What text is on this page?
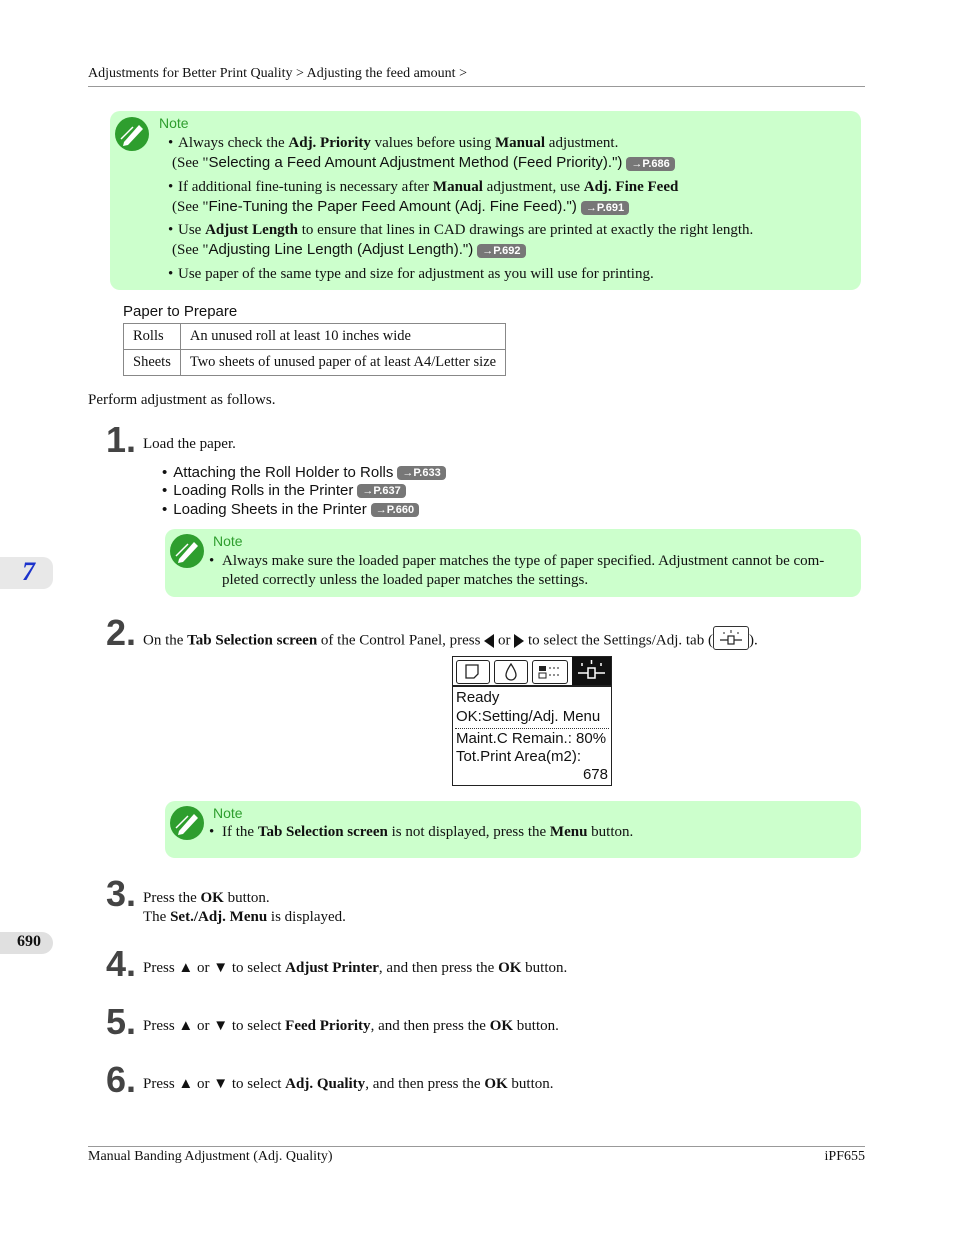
Adjustments for Better Print Quality > Adjusting the feed amount >
Note
• Always check the Adj. Priority values before using Manual adjustment.
(See "Selecting a Feed Amount Adjustment Method (Feed Priority).") →P.686
• If additional fine-tuning is necessary after Manual adjustment, use Adj. Fine Feed
(See "Fine-Tuning the Paper Feed Amount (Adj. Fine Feed).") →P.691
• Use Adjust Length to ensure that lines in CAD drawings are printed at exactly the right length.
(See "Adjusting Line Length (Adjust Length).") →P.692
• Use paper of the same type and size for adjustment as you will use for printing.
Paper to Prepare
Rolls	An unused roll at least 10 inches wide
Sheets	Two sheets of unused paper of at least A4/Letter size
Perform adjustment as follows.
1. Load the paper.
• Attaching the Roll Holder to Rolls →P.633
• Loading Rolls in the Printer →P.637
• Loading Sheets in the Printer →P.660
Note
• Always make sure the loaded paper matches the type of paper specified. Adjustment cannot be com-
pleted correctly unless the loaded paper matches the settings.
2. On the Tab Selection screen of the Control Panel, press  or  to select the Settings/Adj. tab ( ).
Ready
OK:Setting/Adj. Menu
Maint.C Remain.: 80%
Tot.Print Area(m2):
678
Note
• If the Tab Selection screen is not displayed, press the Menu button.
3. Press the OK button.
The Set./Adj. Menu is displayed.
4. Press ▲ or ▼ to select Adjust Printer, and then press the OK button.
5. Press ▲ or ▼ to select Feed Priority, and then press the OK button.
6. Press ▲ or ▼ to select Adj. Quality, and then press the OK button.
7
690
Manual Banding Adjustment (Adj. Quality)	iPF655
